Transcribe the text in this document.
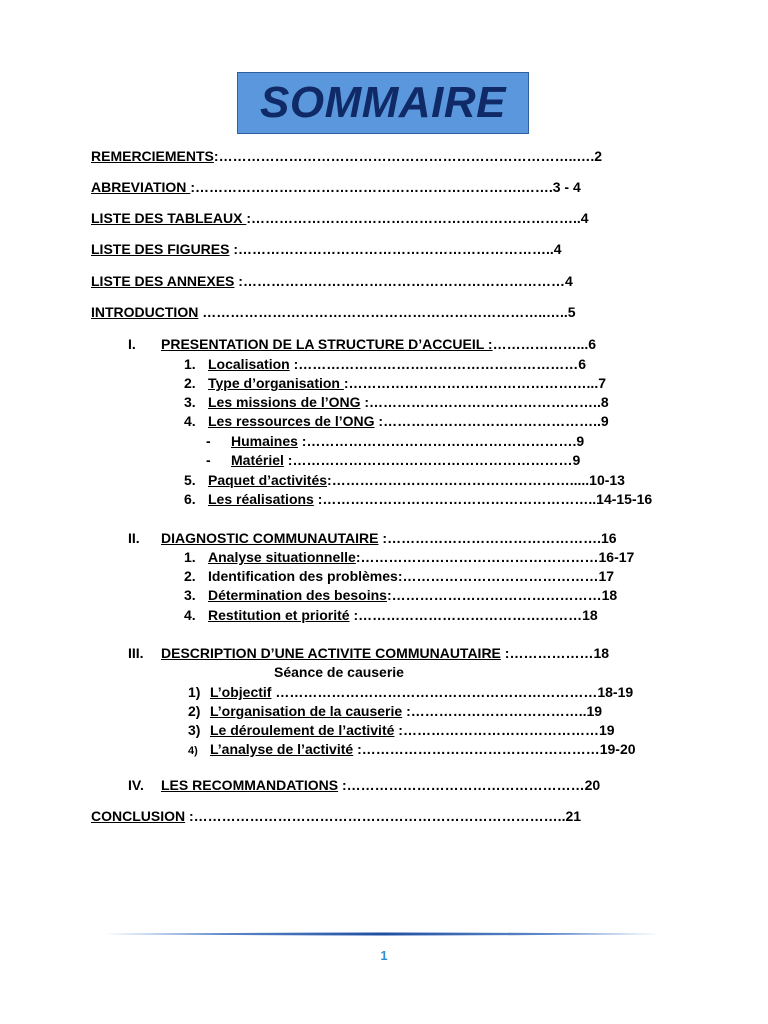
SOMMAIRE
REMERCIEMENTS:…………………………………………………………………..….2
ABREVIATION :…………………………………………………………….…….3 - 4
LISTE DES TABLEAUX :……………………………………………………………..4
LISTE DES FIGURES :…………………………………………………………..4
LISTE DES ANNEXES :……………………………………………………………4
INTRODUCTION ………………………………………………………………..…..5
I. PRESENTATION DE LA STRUCTURE D’ACCUEIL :………………...6
1. Localisation :……………………………………………………6
2. Type d’organisation :……………………………………………...7
3. Les missions de l’ONG :…………………………………………..8
4. Les ressources de l’ONG :………………………………………..9
- Humaines :………………………………………………….9
- Matériel :……………………………………………………9
5. Paquet d’activités:…………………………………………….....10-13
6. Les réalisations :…………………………………………………..14-15-16
II. DIAGNOSTIC COMMUNAUTAIRE :……………………………………….16
1. Analyse situationnelle:……………………………………………16-17
2. Identification des problèmes:……………………………………17
3. Détermination des besoins:………………………………………18
4. Restitution et priorité :…………………………………………18
III. DESCRIPTION D’UNE ACTIVITE COMMUNAUTAIRE :………………18
Séance de causerie
1) L’objectif ……………………………………………………………18-19
2) L’organisation de la causerie :………………………………..19
3) Le déroulement de l’activité :……………………………………19
4) L’analyse de l’activité :……………………………………………19-20
IV. LES RECOMMANDATIONS :……………………………………………20
CONCLUSION :……………………………………………………………………..21
1
